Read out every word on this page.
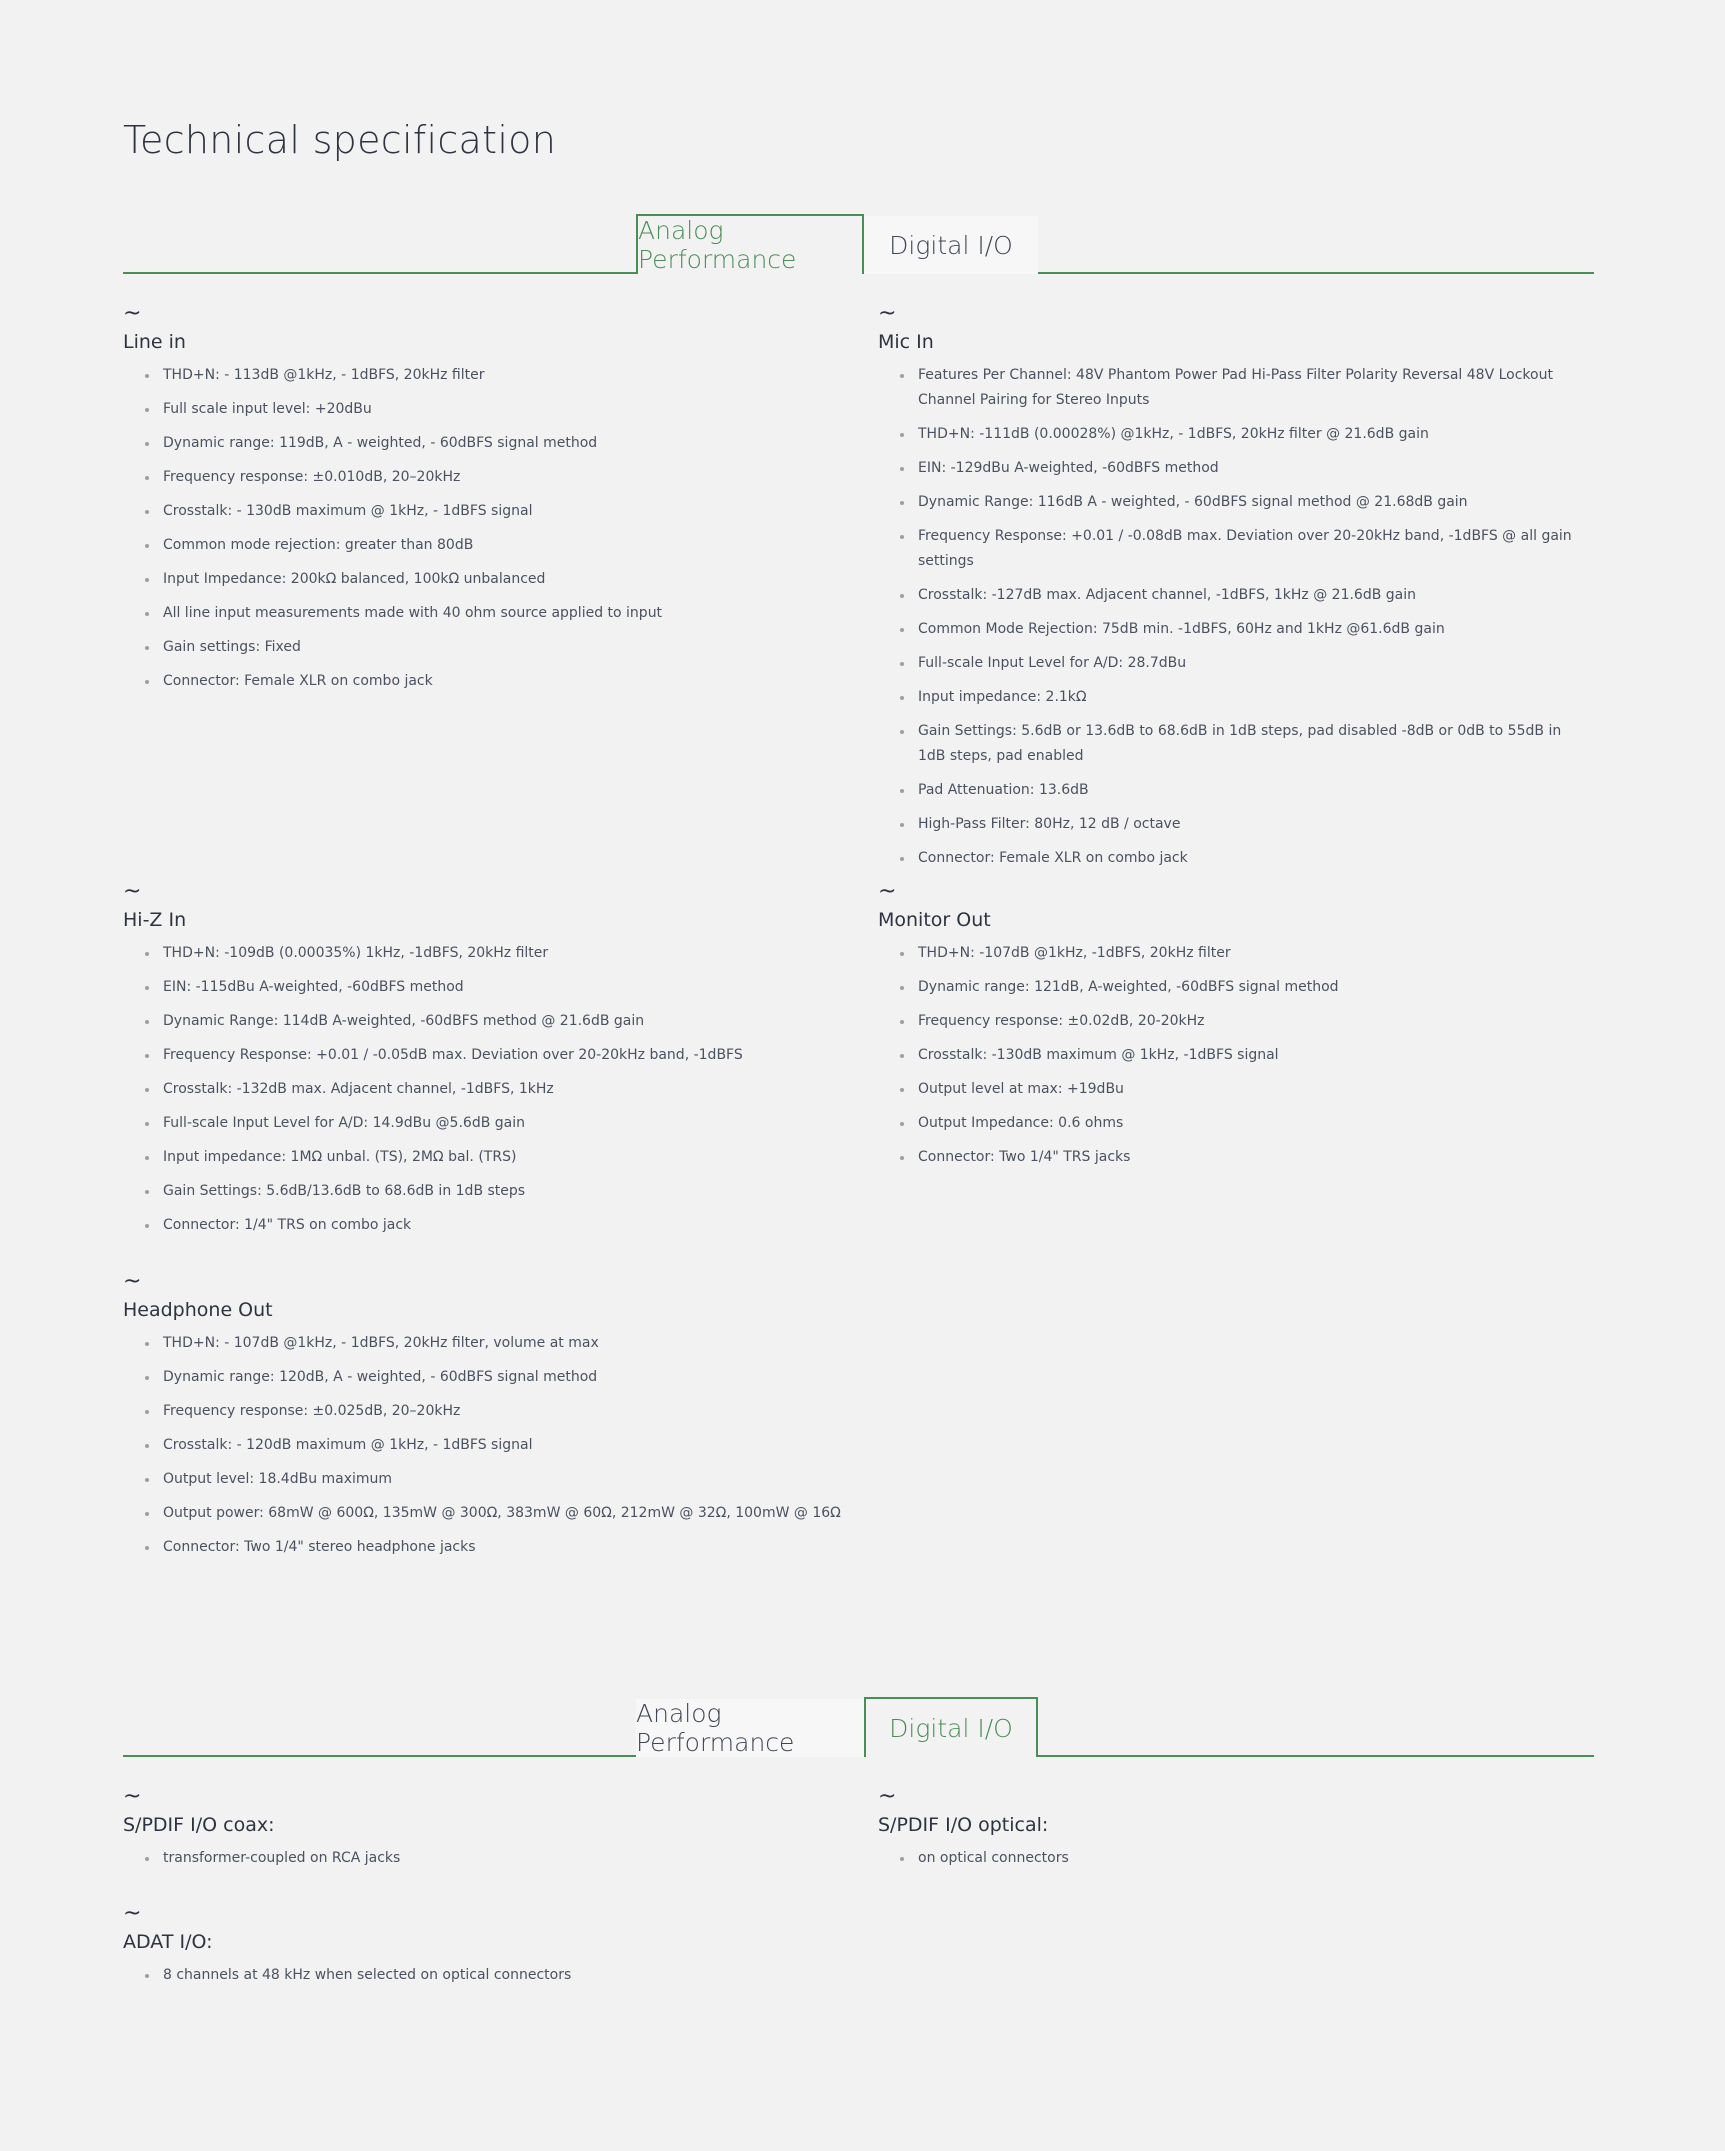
Technical specification
Analog Performance	Digital I/O
~
Line in
THD+N: - 113dB @1kHz, - 1dBFS, 20kHz filter
Full scale input level: +20dBu
Dynamic range: 119dB, A - weighted, - 60dBFS signal method
Frequency response: ±0.010dB, 20–20kHz
Crosstalk: - 130dB maximum @ 1kHz, - 1dBFS signal
Common mode rejection: greater than 80dB
Input Impedance: 200kΩ balanced, 100kΩ unbalanced
All line input measurements made with 40 ohm source applied to input
Gain settings: Fixed
Connector: Female XLR on combo jack
~
Mic In
Features Per Channel: 48V Phantom Power Pad Hi-Pass Filter Polarity Reversal 48V Lockout Channel Pairing for Stereo Inputs
THD+N: -111dB (0.00028%) @1kHz, - 1dBFS, 20kHz filter @ 21.6dB gain
EIN: -129dBu A-weighted, -60dBFS method
Dynamic Range: 116dB A - weighted, - 60dBFS signal method @ 21.68dB gain
Frequency Response: +0.01 / -0.08dB max. Deviation over 20-20kHz band, -1dBFS @ all gain settings
Crosstalk: -127dB max. Adjacent channel, -1dBFS, 1kHz @ 21.6dB gain
Common Mode Rejection: 75dB min. -1dBFS, 60Hz and 1kHz @61.6dB gain
Full-scale Input Level for A/D: 28.7dBu
Input impedance: 2.1kΩ
Gain Settings: 5.6dB or 13.6dB to 68.6dB in 1dB steps, pad disabled -8dB or 0dB to 55dB in 1dB steps, pad enabled
Pad Attenuation: 13.6dB
High-Pass Filter: 80Hz, 12 dB / octave
Connector: Female XLR on combo jack
~
Hi-Z In
THD+N: -109dB (0.00035%) 1kHz, -1dBFS, 20kHz filter
EIN: -115dBu A-weighted, -60dBFS method
Dynamic Range: 114dB A-weighted, -60dBFS method @ 21.6dB gain
Frequency Response: +0.01 / -0.05dB max. Deviation over 20-20kHz band, -1dBFS
Crosstalk: -132dB max. Adjacent channel, -1dBFS, 1kHz
Full-scale Input Level for A/D: 14.9dBu @5.6dB gain
Input impedance: 1MΩ unbal. (TS), 2MΩ bal. (TRS)
Gain Settings: 5.6dB/13.6dB to 68.6dB in 1dB steps
Connector: 1/4" TRS on combo jack
~
Monitor Out
THD+N: -107dB @1kHz, -1dBFS, 20kHz filter
Dynamic range: 121dB, A-weighted, -60dBFS signal method
Frequency response: ±0.02dB, 20-20kHz
Crosstalk: -130dB maximum @ 1kHz, -1dBFS signal
Output level at max: +19dBu
Output Impedance: 0.6 ohms
Connector: Two 1/4" TRS jacks
~
Headphone Out
THD+N: - 107dB @1kHz, - 1dBFS, 20kHz filter, volume at max
Dynamic range: 120dB, A - weighted, - 60dBFS signal method
Frequency response: ±0.025dB, 20–20kHz
Crosstalk: - 120dB maximum @ 1kHz, - 1dBFS signal
Output level: 18.4dBu maximum
Output power: 68mW @ 600Ω, 135mW @ 300Ω, 383mW @ 60Ω, 212mW @ 32Ω, 100mW @ 16Ω
Connector: Two 1/4" stereo headphone jacks
Analog Performance	Digital I/O
~
S/PDIF I/O coax:
transformer-coupled on RCA jacks
~
S/PDIF I/O optical:
on optical connectors
~
ADAT I/O:
8 channels at 48 kHz when selected on optical connectors
